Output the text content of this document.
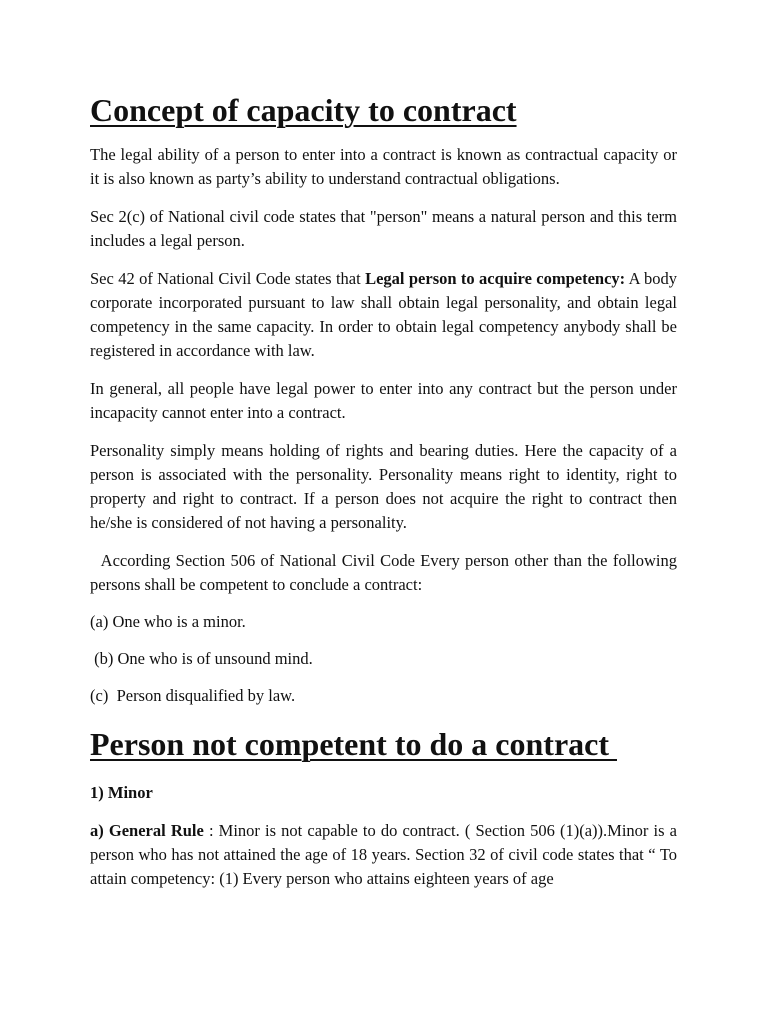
Concept of capacity to contract

The legal ability of a person to enter into a contract is known as contractual capacity or it is also known as party’s ability to understand contractual obligations.

Sec 2(c) of National civil code states that "person" means a natural person and this term includes a legal person.

Sec 42 of National Civil Code states that Legal person to acquire competency: A body corporate incorporated pursuant to law shall obtain legal personality, and obtain legal competency in the same capacity. In order to obtain legal competency anybody shall be registered in accordance with law.

In general, all people have legal power to enter into any contract but the person under incapacity cannot enter into a contract.

Personality simply means holding of rights and bearing duties. Here the capacity of a person is associated with the personality. Personality means right to identity, right to property and right to contract. If a person does not acquire the right to contract then he/she is considered of not having a personality.

According Section 506 of National Civil Code Every person other than the following persons shall be competent to conclude a contract:

(a) One who is a minor.
(b) One who is of unsound mind.
(c)  Person disqualified by law.
Person not competent to do a contract

1) Minor

a) General Rule : Minor is not capable to do contract. ( Section 506 (1)(a)).Minor is a person who has not attained the age of 18 years. Section 32 of civil code states that “ To attain competency: (1) Every person who attains eighteen years of age
